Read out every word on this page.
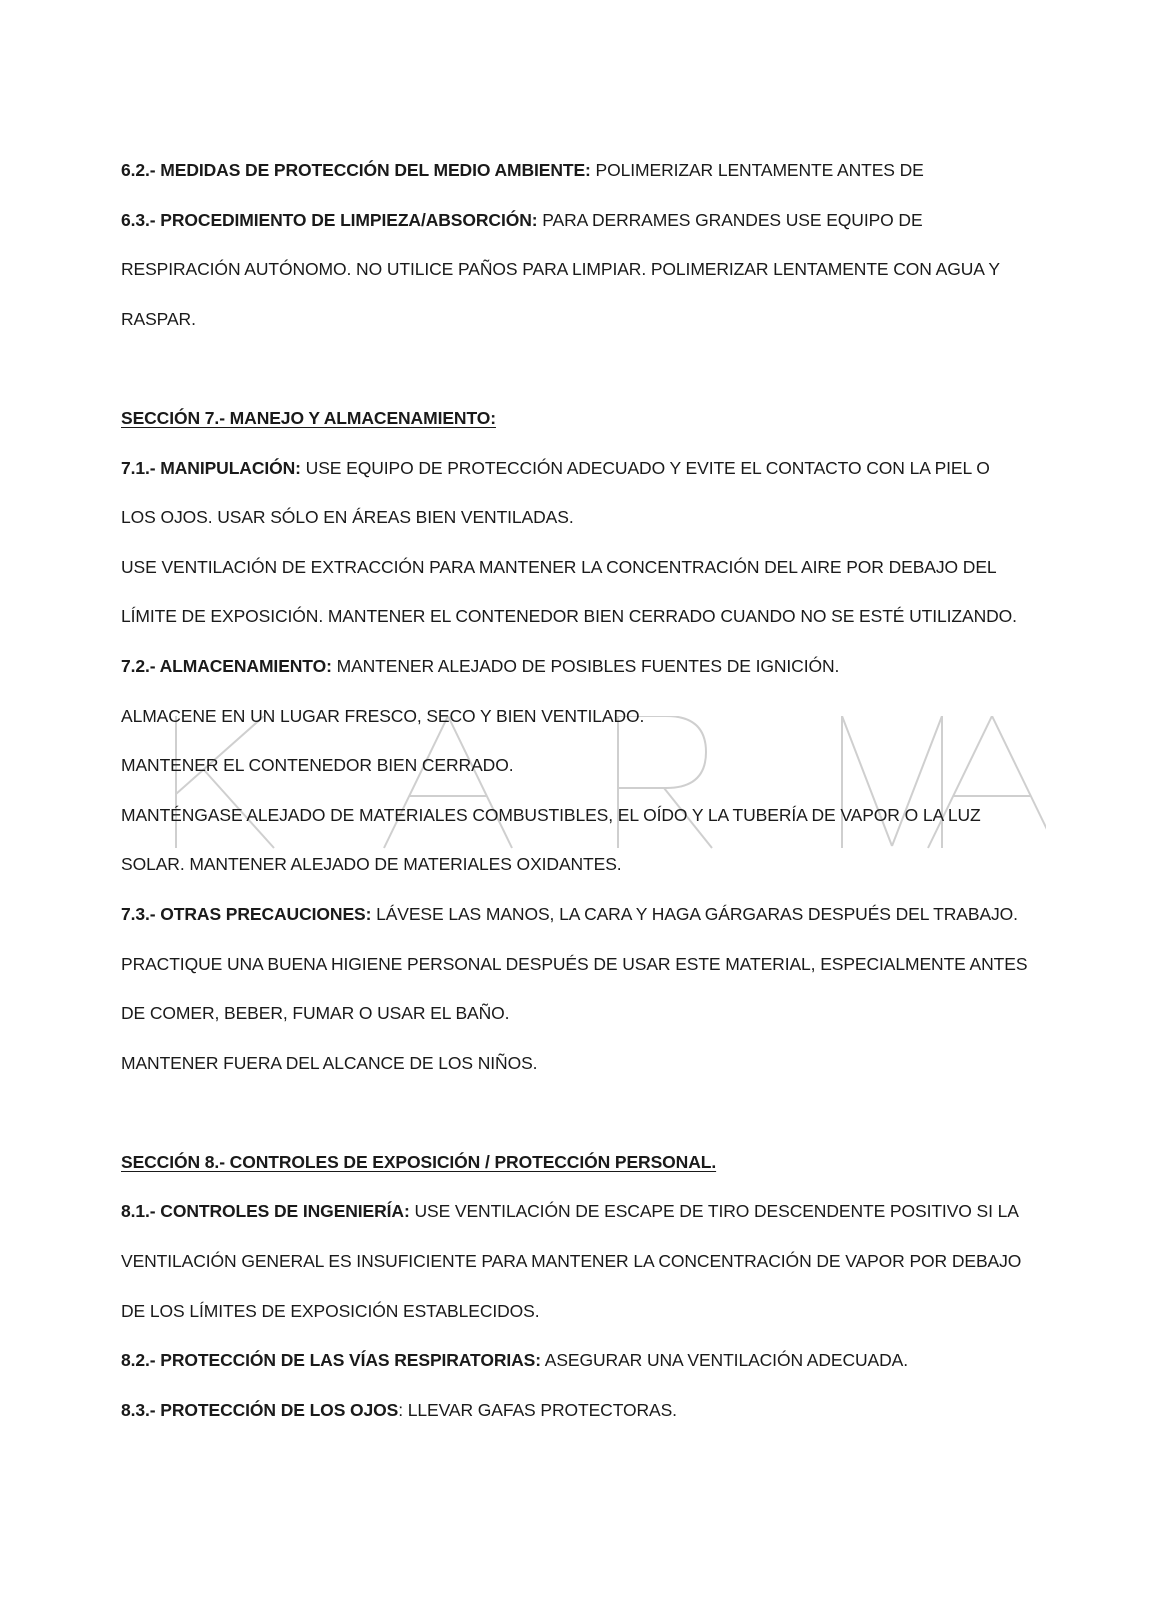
6.2.- MEDIDAS DE PROTECCIÓN DEL MEDIO AMBIENTE: POLIMERIZAR LENTAMENTE ANTES DE
6.3.- PROCEDIMIENTO DE LIMPIEZA/ABSORCIÓN: PARA DERRAMES GRANDES USE EQUIPO DE
RESPIRACIÓN AUTÓNOMO. NO UTILICE PAÑOS PARA LIMPIAR. POLIMERIZAR LENTAMENTE CON AGUA Y
RASPAR.
SECCIÓN 7.- MANEJO Y ALMACENAMIENTO:
7.1.- MANIPULACIÓN: USE EQUIPO DE PROTECCIÓN ADECUADO Y EVITE EL CONTACTO CON LA PIEL O
LOS OJOS. USAR SÓLO EN ÁREAS BIEN VENTILADAS.
USE VENTILACIÓN DE EXTRACCIÓN PARA MANTENER LA CONCENTRACIÓN DEL AIRE POR DEBAJO DEL
LÍMITE DE EXPOSICIÓN. MANTENER EL CONTENEDOR BIEN CERRADO CUANDO NO SE ESTÉ UTILIZANDO.
7.2.- ALMACENAMIENTO: MANTENER ALEJADO DE POSIBLES FUENTES DE IGNICIÓN.
ALMACENE EN UN LUGAR FRESCO, SECO Y BIEN VENTILADO.
MANTENER EL CONTENEDOR BIEN CERRADO.
MANTÉNGASE ALEJADO DE MATERIALES COMBUSTIBLES, EL OÍDO Y LA TUBERÍA DE VAPOR O LA LUZ
SOLAR. MANTENER ALEJADO DE MATERIALES OXIDANTES.
7.3.- OTRAS PRECAUCIONES: LÁVESE LAS MANOS, LA CARA Y HAGA GÁRGARAS DESPUÉS DEL TRABAJO.
PRACTIQUE UNA BUENA HIGIENE PERSONAL DESPUÉS DE USAR ESTE MATERIAL, ESPECIALMENTE ANTES
DE COMER, BEBER, FUMAR O USAR EL BAÑO.
MANTENER FUERA DEL ALCANCE DE LOS NIÑOS.
SECCIÓN 8.- CONTROLES DE EXPOSICIÓN / PROTECCIÓN PERSONAL.
8.1.- CONTROLES DE INGENIERÍA: USE VENTILACIÓN DE ESCAPE DE TIRO DESCENDENTE POSITIVO SI LA
VENTILACIÓN GENERAL ES INSUFICIENTE PARA MANTENER LA CONCENTRACIÓN DE VAPOR POR DEBAJO
DE LOS LÍMITES DE EXPOSICIÓN ESTABLECIDOS.
8.2.- PROTECCIÓN DE LAS VÍAS RESPIRATORIAS: ASEGURAR UNA VENTILACIÓN ADECUADA.
8.3.- PROTECCIÓN DE LOS OJOS: LLEVAR GAFAS PROTECTORAS.
